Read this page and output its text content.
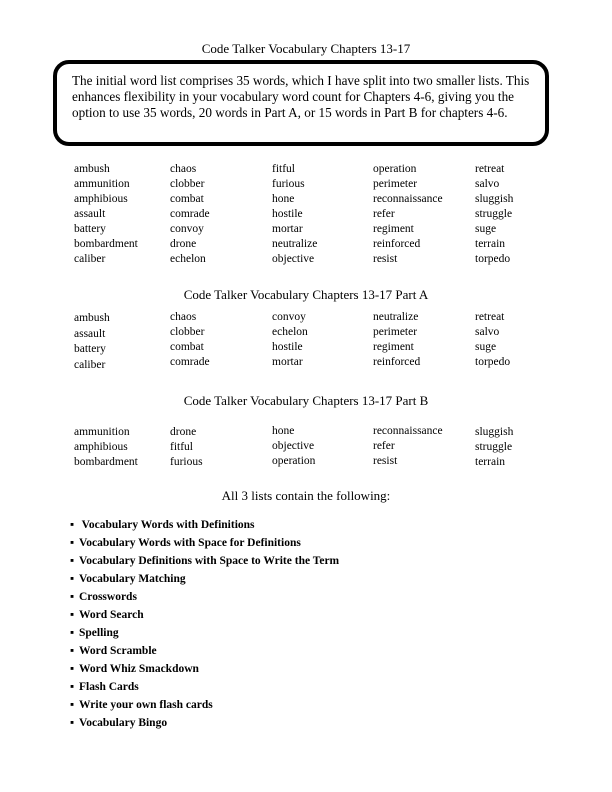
Code Talker Vocabulary Chapters 13-17
The initial word list comprises 35 words, which I have split into two smaller lists. This enhances flexibility in your vocabulary word count for Chapters 4-6, giving you the option to use 35 words, 20 words in Part A, or 15 words in Part B for chapters 4-6.
ambush
ammunition
amphibious
assault
battery
bombardment
caliber
chaos
clobber
combat
comrade
convoy
drone
echelon
fitful
furious
hone
hostile
mortar
neutralize
objective
operation
perimeter
reconnaissance
refer
regiment
reinforced
resist
retreat
salvo
sluggish
struggle
suge
terrain
torpedo
Code Talker Vocabulary Chapters 13-17 Part A
ambush
assault
battery
caliber
chaos
clobber
combat
comrade
convoy
echelon
hostile
mortar
neutralize
perimeter
regiment
reinforced
retreat
salvo
suge
torpedo
Code Talker Vocabulary Chapters 13-17 Part B
ammunition
amphibious
bombardment
drone
fitful
furious
hone
objective
operation
reconnaissance
refer
resist
sluggish
struggle
terrain
All 3 lists contain the following:
▪ Vocabulary Words with Definitions
▪ Vocabulary Words with Space for Definitions
▪ Vocabulary Definitions with Space to Write the Term
▪ Vocabulary Matching
▪ Crosswords
▪ Word Search
▪ Spelling
▪ Word Scramble
▪ Word Whiz Smackdown
▪ Flash Cards
▪ Write your own flash cards
▪ Vocabulary Bingo
